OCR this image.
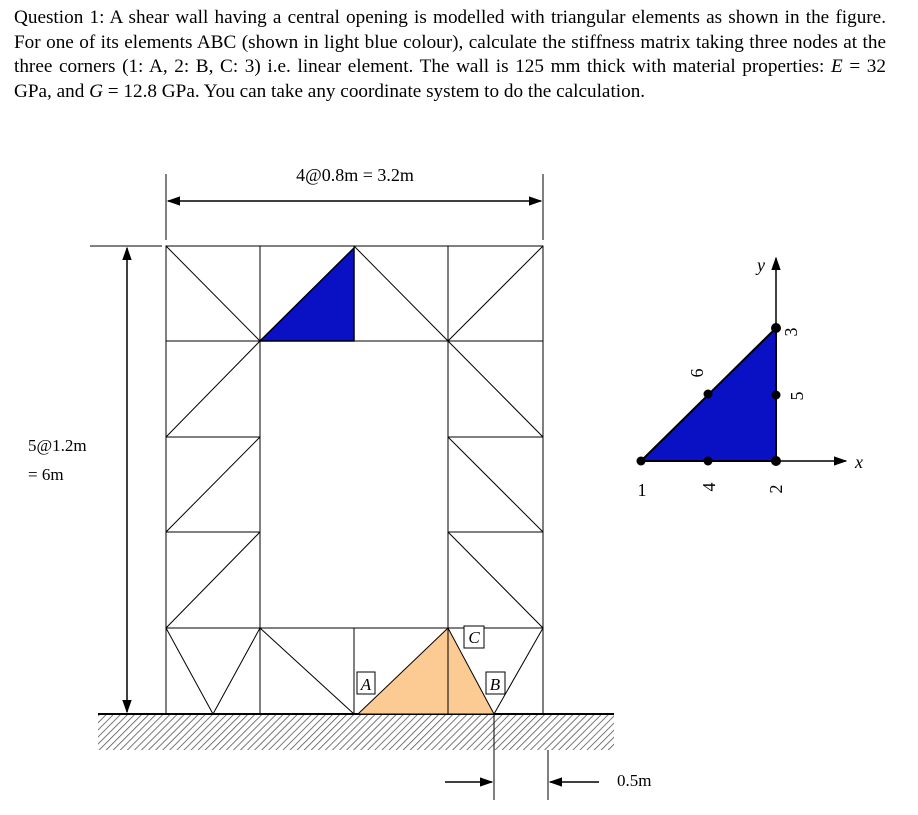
Question 1: A shear wall having a central opening is modelled with triangular elements as shown in the figure. For one of its elements ABC (shown in light blue colour), calculate the stiffness matrix taking three nodes at the three corners (1: A, 2: B, C: 3) i.e. linear element. The wall is 125 mm thick with material properties: E = 32 GPa, and G = 12.8 GPa. You can take any coordinate system to do the calculation.
4@0.8m = 3.2m
5@1.2m
= 6m
0.5m
A	B
C
x
y
1	2
3
4
5
6
